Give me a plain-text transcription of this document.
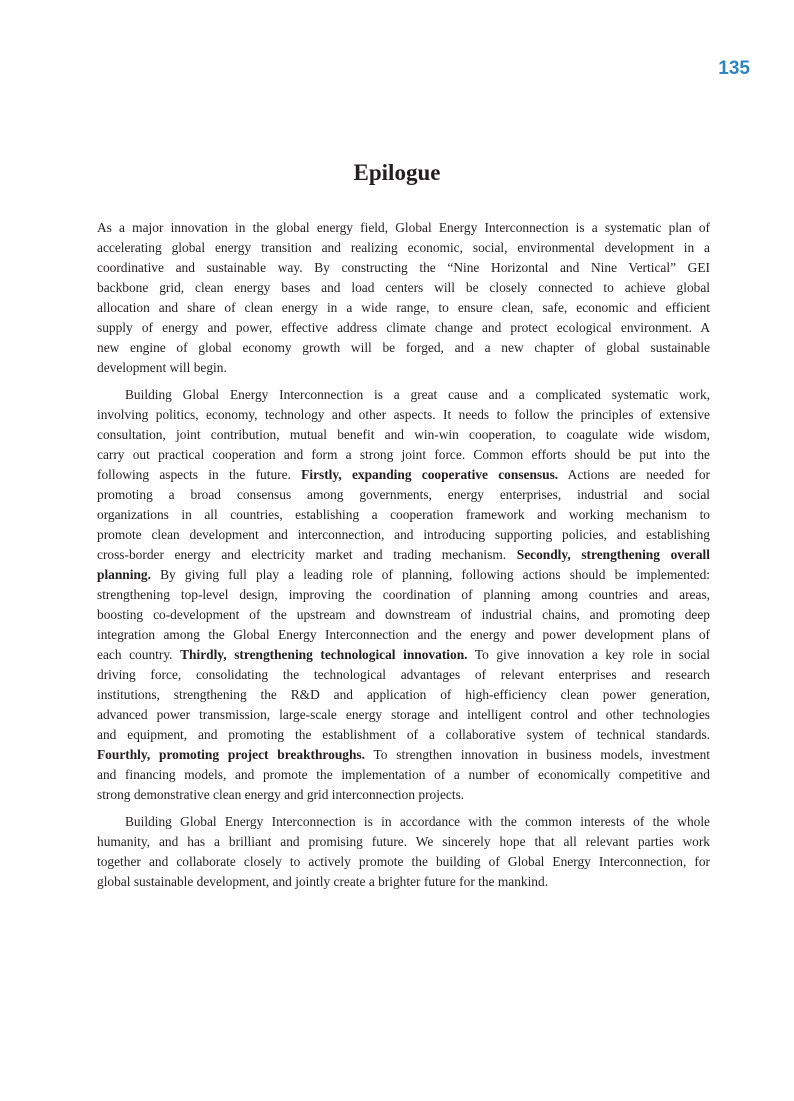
135
Epilogue
As a major innovation in the global energy field, Global Energy Interconnection is a systematic plan of
accelerating global energy transition and realizing economic, social, environmental development in a
coordinative and sustainable way. By constructing the “Nine Horizontal and Nine Vertical” GEI
backbone grid, clean energy bases and load centers will be closely connected to achieve global
allocation and share of clean energy in a wide range, to ensure clean, safe, economic and efficient
supply of energy and power, effective address climate change and protect ecological environment. A
new engine of global economy growth will be forged, and a new chapter of global sustainable
development will begin.
Building Global Energy Interconnection is a great cause and a complicated systematic work,
involving politics, economy, technology and other aspects. It needs to follow the principles of extensive
consultation, joint contribution, mutual benefit and win-win cooperation, to coagulate wide wisdom,
carry out practical cooperation and form a strong joint force. Common efforts should be put into the
following aspects in the future. Firstly, expanding cooperative consensus. Actions are needed for
promoting a broad consensus among governments, energy enterprises, industrial and social
organizations in all countries, establishing a cooperation framework and working mechanism to
promote clean development and interconnection, and introducing supporting policies, and establishing
cross-border energy and electricity market and trading mechanism. Secondly, strengthening overall
planning. By giving full play a leading role of planning, following actions should be implemented:
strengthening top-level design, improving the coordination of planning among countries and areas,
boosting co-development of the upstream and downstream of industrial chains, and promoting deep
integration among the Global Energy Interconnection and the energy and power development plans of
each country. Thirdly, strengthening technological innovation. To give innovation a key role in social
driving force, consolidating the technological advantages of relevant enterprises and research
institutions, strengthening the R&D and application of high-efficiency clean power generation,
advanced power transmission, large-scale energy storage and intelligent control and other technologies
and equipment, and promoting the establishment of a collaborative system of technical standards.
Fourthly, promoting project breakthroughs. To strengthen innovation in business models, investment
and financing models, and promote the implementation of a number of economically competitive and
strong demonstrative clean energy and grid interconnection projects.
Building Global Energy Interconnection is in accordance with the common interests of the whole
humanity, and has a brilliant and promising future. We sincerely hope that all relevant parties work
together and collaborate closely to actively promote the building of Global Energy Interconnection, for
global sustainable development, and jointly create a brighter future for the mankind.
